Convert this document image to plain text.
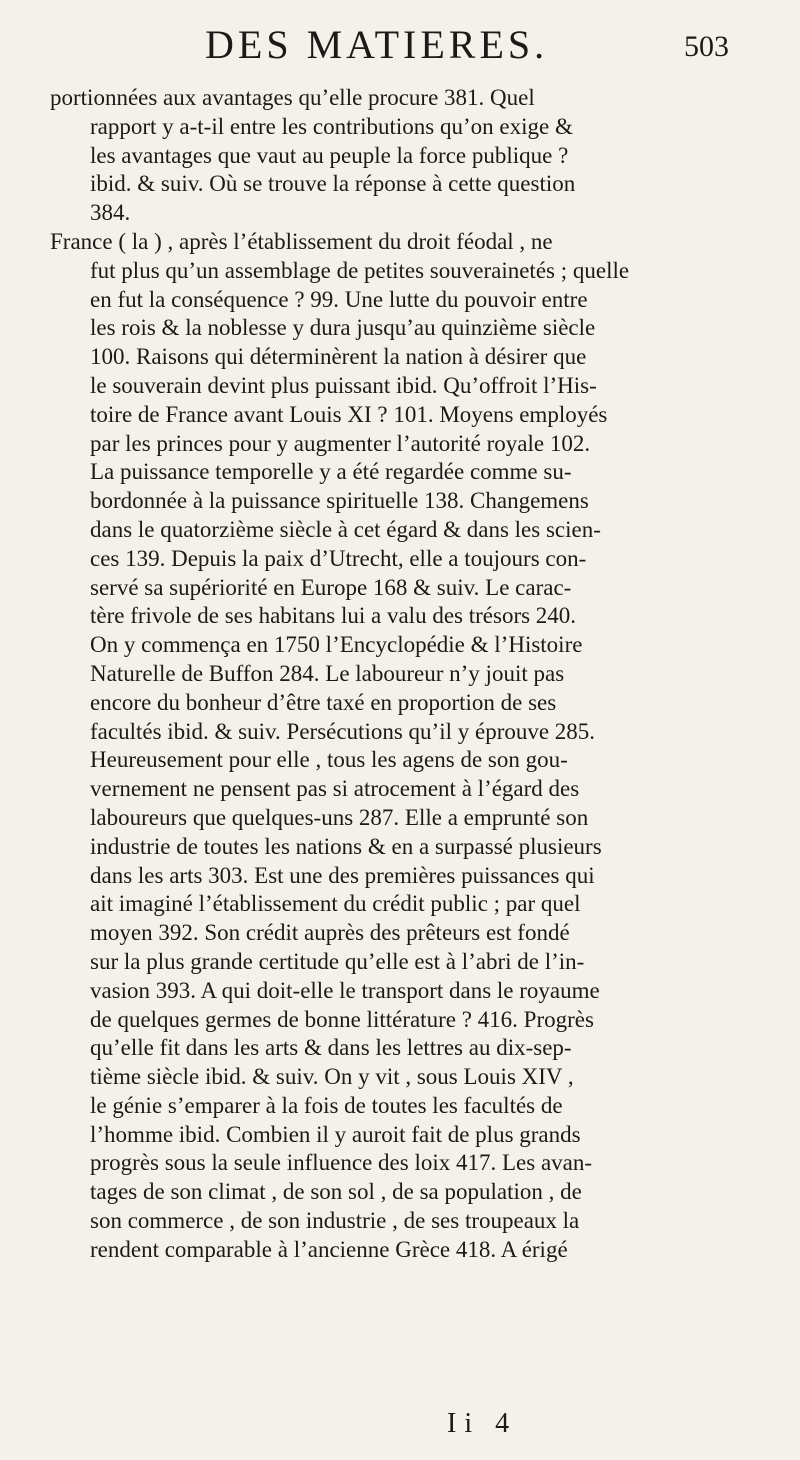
DES MATIERES.	503
portionnées aux avantages qu’elle procure 381. Quel
rapport y a-t-il entre les contributions qu’on exige &
les avantages que vaut au peuple la force publique ?
ibid. & suiv. Où se trouve la réponse à cette question
384.
France ( la ) , après l’établissement du droit féodal , ne
fut plus qu’un assemblage de petites souverainetés ; quelle
en fut la conséquence ? 99. Une lutte du pouvoir entre
les rois & la noblesse y dura jusqu’au quinzième siècle
100. Raisons qui déterminèrent la nation à désirer que
le souverain devint plus puissant ibid. Qu’offroit l’His-
toire de France avant Louis XI ? 101. Moyens employés
par les princes pour y augmenter l’autorité royale 102.
La puissance temporelle y a été regardée comme su-
bordonnée à la puissance spirituelle 138. Changemens
dans le quatorzième siècle à cet égard & dans les scien-
ces 139. Depuis la paix d’Utrecht, elle a toujours con-
servé sa supériorité en Europe 168 & suiv. Le carac-
tère frivole de ses habitans lui a valu des trésors 240.
On y commença en 1750 l’Encyclopédie & l’Histoire
Naturelle de Buffon 284. Le laboureur n’y jouit pas
encore du bonheur d’être taxé en proportion de ses
facultés ibid. & suiv. Persécutions qu’il y éprouve 285.
Heureusement pour elle , tous les agens de son gou-
vernement ne pensent pas si atrocement à l’égard des
laboureurs que quelques-uns 287. Elle a emprunté son
industrie de toutes les nations & en a surpassé plusieurs
dans les arts 303. Est une des premières puissances qui
ait imaginé l’établissement du crédit public ; par quel
moyen 392. Son crédit auprès des prêteurs est fondé
sur la plus grande certitude qu’elle est à l’abri de l’in-
vasion 393. A qui doit-elle le transport dans le royaume
de quelques germes de bonne littérature ? 416. Progrès
qu’elle fit dans les arts & dans les lettres au dix-sep-
tième siècle ibid. & suiv. On y vit , sous Louis XIV ,
le génie s’emparer à la fois de toutes les facultés de
l’homme ibid. Combien il y auroit fait de plus grands
progrès sous la seule influence des loix 417. Les avan-
tages de son climat , de son sol , de sa population , de
son commerce , de son industrie , de ses troupeaux la
rendent comparable à l’ancienne Grèce 418. A érigé
Ii 4
